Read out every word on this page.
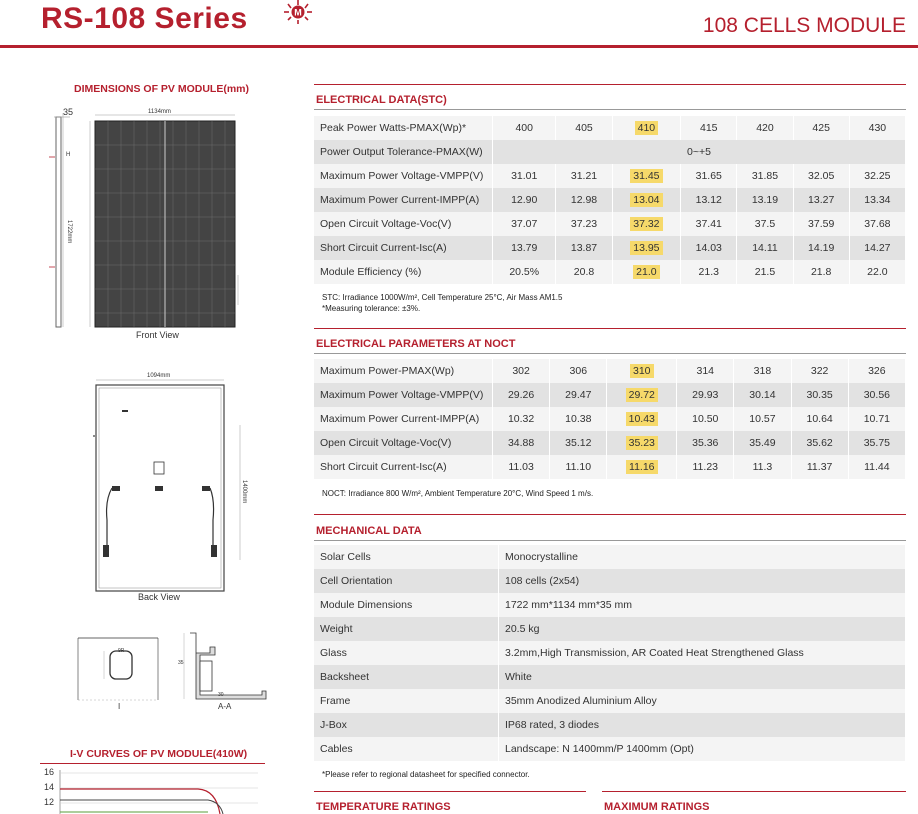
RS-108 Series	M
108 CELLS MODULE
DIMENSIONS OF PV MODULE(mm)
35
H
1134mm
1722mm
Front View
1094mm
1400mm
Back View
9R
35
30
I	A-A
I-V CURVES OF PV MODULE(410W)
16
14
12
ELECTRICAL DATA(STC)
Peak Power Watts-PMAX(Wp)*	400	405	410	415	420	425	430
Power Output Tolerance-PMAX(W)	0~+5						
Maximum Power Voltage-VMPP(V)	31.01	31.21	31.45	31.65	31.85	32.05	32.25
Maximum Power Current-IMPP(A)	12.90	12.98	13.04	13.12	13.19	13.27	13.34
Open Circuit Voltage-Voc(V)	37.07	37.23	37.32	37.41	37.5	37.59	37.68
Short Circuit Current-Isc(A)	13.79	13.87	13.95	14.03	14.11	14.19	14.27
Module Efficiency (%)	20.5%	20.8	21.0	21.3	21.5	21.8	22.0
STC: Irradiance 1000W/m², Cell Temperature 25°C, Air Mass AM1.5
*Measuring tolerance: ±3%.
ELECTRICAL PARAMETERS AT NOCT
Maximum Power-PMAX(Wp)	302	306	310	314	318	322	326
Maximum Power Voltage-VMPP(V)	29.26	29.47	29.72	29.93	30.14	30.35	30.56
Maximum Power Current-IMPP(A)	10.32	10.38	10.43	10.50	10.57	10.64	10.71
Open Circuit Voltage-Voc(V)	34.88	35.12	35.23	35.36	35.49	35.62	35.75
Short Circuit Current-Isc(A)	11.03	11.10	11.16	11.23	11.3	11.37	11.44
NOCT: Irradiance 800 W/m², Ambient Temperature 20°C, Wind Speed 1 m/s.
MECHANICAL DATA
Solar Cells	Monocrystalline
Cell Orientation	108 cells (2x54)
Module Dimensions	1722 mm*1134 mm*35 mm
Weight	20.5 kg
Glass	3.2mm,High Transmission, AR Coated Heat Strengthened Glass
Backsheet	White
Frame	35mm Anodized Aluminium Alloy
J-Box	IP68 rated, 3 diodes
Cables	Landscape: N 1400mm/P 1400mm (Opt)
*Please refer to regional datasheet for specified connector.
TEMPERATURE RATINGS	MAXIMUM RATINGS
